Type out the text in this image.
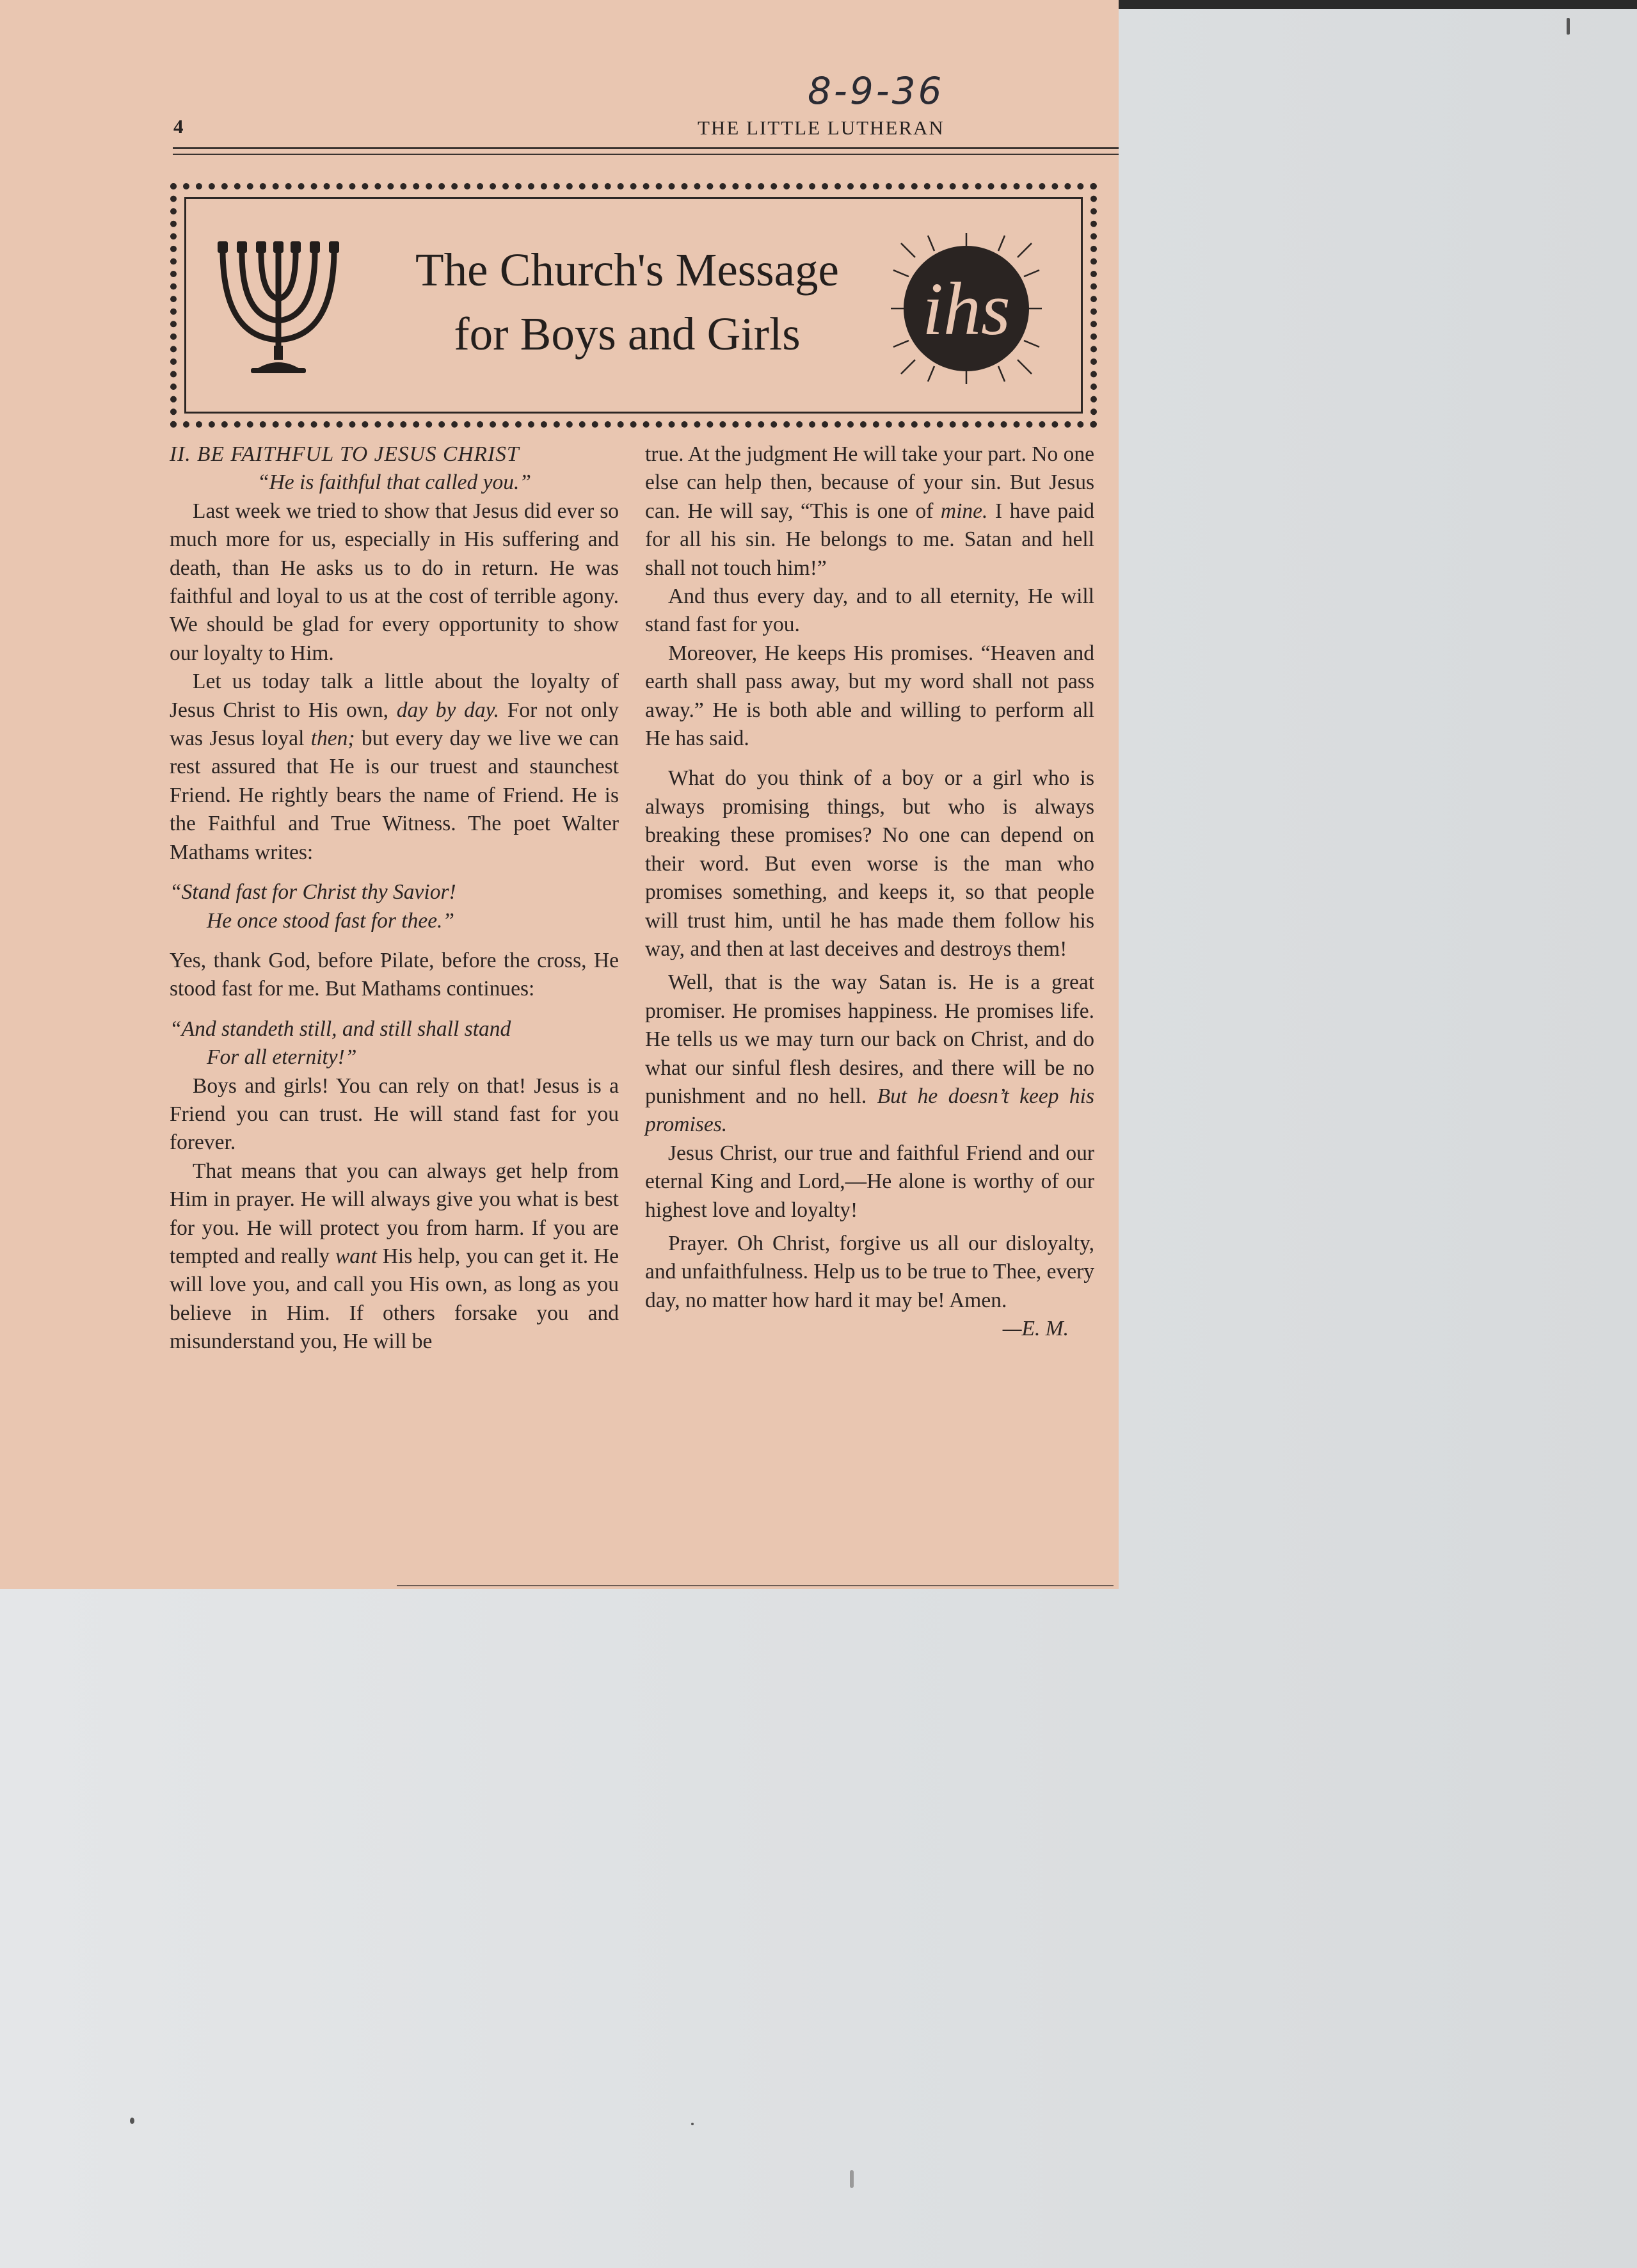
8-9-36
4	THE LITTLE LUTHERAN
The Church's Message
for Boys and Girls	ihs

II. BE FAITHFUL TO JESUS CHRIST

“He is faithful that called you.”

Last week we tried to show that Jesus did ever so much more for us, especially in His suffering and death, than He asks us to do in return. He was faithful and loyal to us at the cost of terrible agony. We should be glad for every opportunity to show our loyalty to Him.

Let us today talk a little about the loyalty of Jesus Christ to His own, day by day. For not only was Jesus loyal then; but every day we live we can rest assured that He is our truest and staunchest Friend. He rightly bears the name of Friend. He is the Faithful and True Witness. The poet Walter Mathams writes:

“Stand fast for Christ thy Savior!

He once stood fast for thee.”

Yes, thank God, before Pilate, before the cross, He stood fast for me. But Mathams continues:

“And standeth still, and still shall stand

For all eternity!”

Boys and girls! You can rely on that! Jesus is a Friend you can trust. He will stand fast for you forever.

That means that you can always get help from Him in prayer. He will always give you what is best for you. He will protect you from harm. If you are tempted and really want His help, you can get it. He will love you, and call you His own, as long as you believe in Him. If others forsake you and misunderstand you, He will be

true. At the judgment He will take your part. No one else can help then, because of your sin. But Jesus can. He will say, “This is one of mine. I have paid for all his sin. He belongs to me. Satan and hell shall not touch him!”

And thus every day, and to all eternity, He will stand fast for you.

Moreover, He keeps His promises. “Heaven and earth shall pass away, but my word shall not pass away.” He is both able and willing to perform all He has said.

What do you think of a boy or a girl who is always promising things, but who is always breaking these promises? No one can depend on their word. But even worse is the man who promises something, and keeps it, so that people will trust him, until he has made them follow his way, and then at last deceives and destroys them!

Well, that is the way Satan is. He is a great promiser. He promises happiness. He promises life. He tells us we may turn our back on Christ, and do what our sinful flesh desires, and there will be no punishment and no hell. But he doesn’t keep his promises.

Jesus Christ, our true and faithful Friend and our eternal King and Lord,—He alone is worthy of our highest love and loyalty!

Prayer. Oh Christ, forgive us all our disloyalty, and unfaithfulness. Help us to be true to Thee, every day, no matter how hard it may be! Amen.

—E. M.
